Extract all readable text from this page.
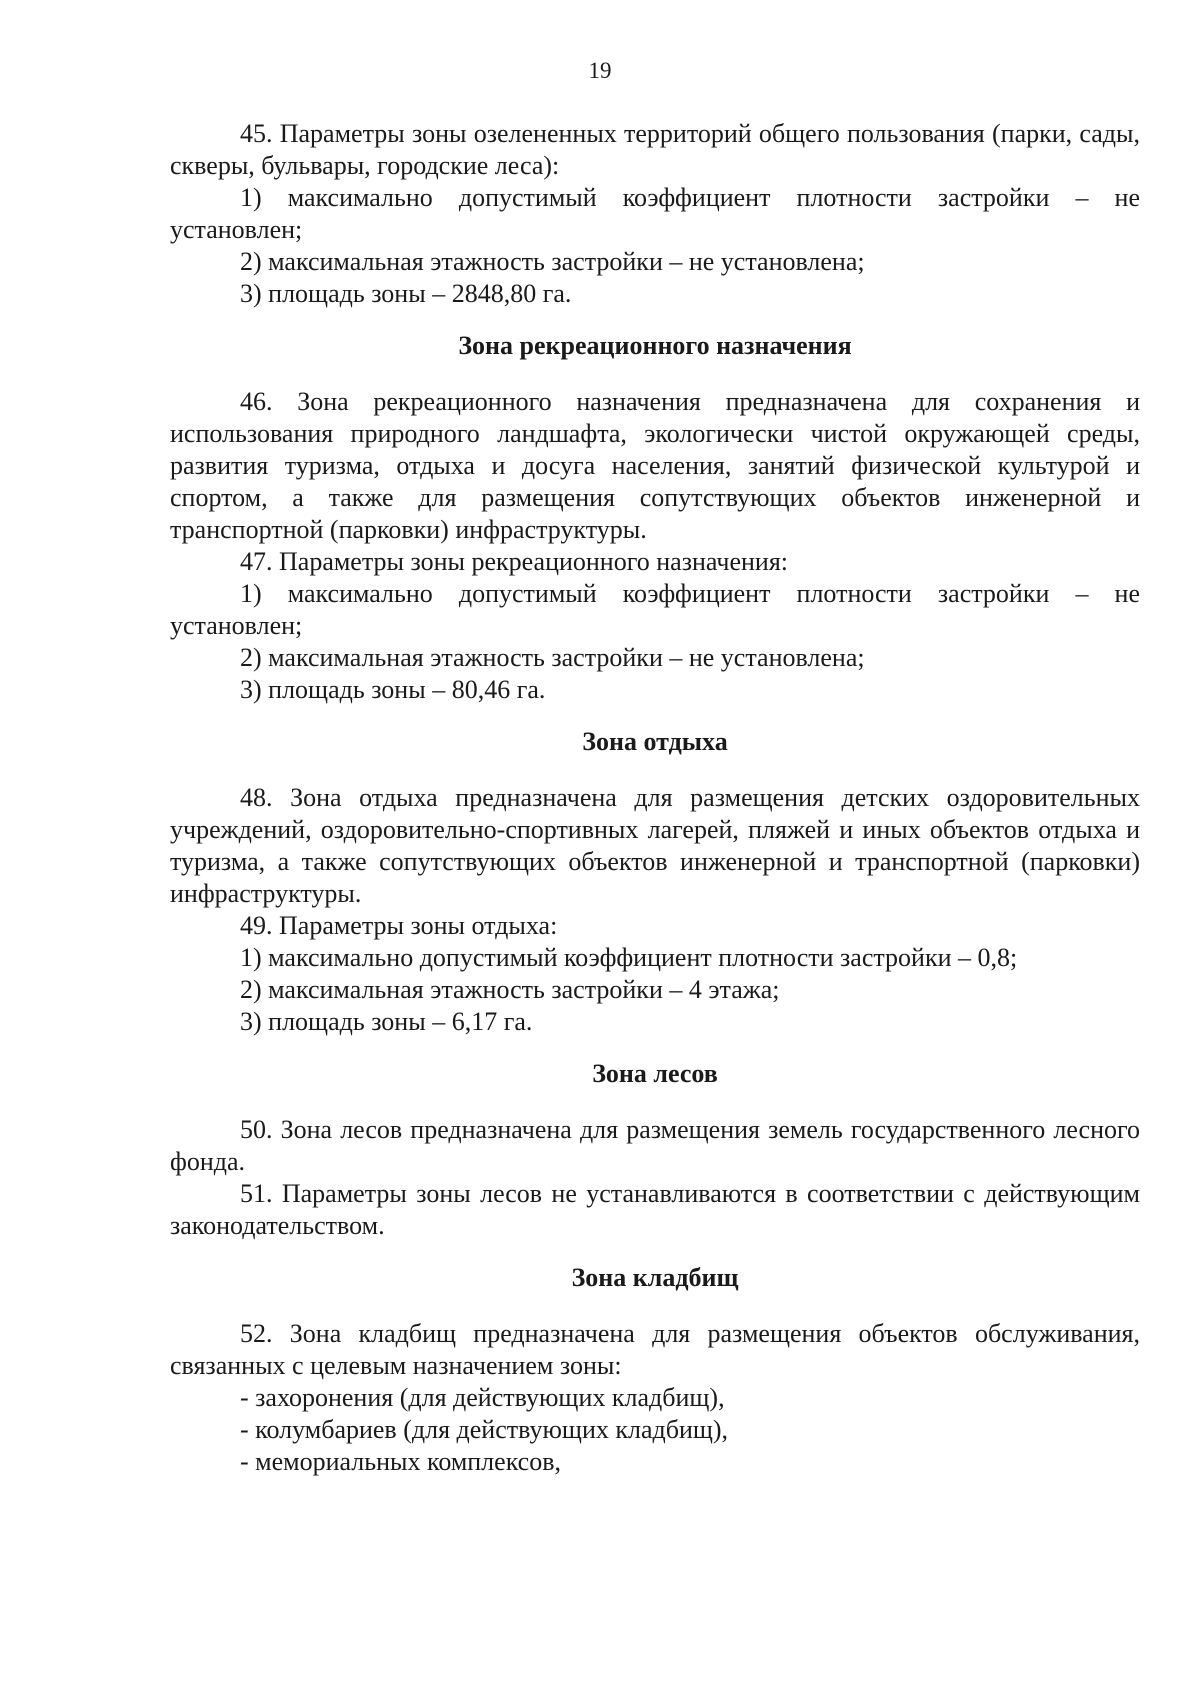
19

45. Параметры зоны озелененных территорий общего пользования (парки, сады, скверы, бульвары, городские леса):

1) максимально допустимый коэффициент плотности застройки – не установлен;

2) максимальная этажность застройки – не установлена;

3) площадь зоны – 2848,80 га.

Зона рекреационного назначения

46. Зона рекреационного назначения предназначена для сохранения и использования природного ландшафта, экологически чистой окружающей среды, развития туризма, отдыха и досуга населения, занятий физической культурой и спортом, а также для размещения сопутствующих объектов инженерной и транспортной (парковки) инфраструктуры.

47. Параметры зоны рекреационного назначения:

1) максимально допустимый коэффициент плотности застройки – не установлен;

2) максимальная этажность застройки – не установлена;

3) площадь зоны – 80,46 га.

Зона отдыха

48. Зона отдыха предназначена для размещения детских оздоровительных учреждений, оздоровительно-спортивных лагерей, пляжей и иных объектов отдыха и туризма, а также сопутствующих объектов инженерной и транспортной (парковки) инфраструктуры.

49. Параметры зоны отдыха:

1) максимально допустимый коэффициент плотности застройки – 0,8;

2) максимальная этажность застройки – 4 этажа;

3) площадь зоны – 6,17 га.

Зона лесов

50. Зона лесов предназначена для размещения земель государственного лесного фонда.

51. Параметры зоны лесов не устанавливаются в соответствии с действующим законодательством.

Зона кладбищ

52. Зона кладбищ предназначена для размещения объектов обслуживания, связанных с целевым назначением зоны:

- захоронения (для действующих кладбищ),

- колумбариев (для действующих кладбищ),

- мемориальных комплексов,
